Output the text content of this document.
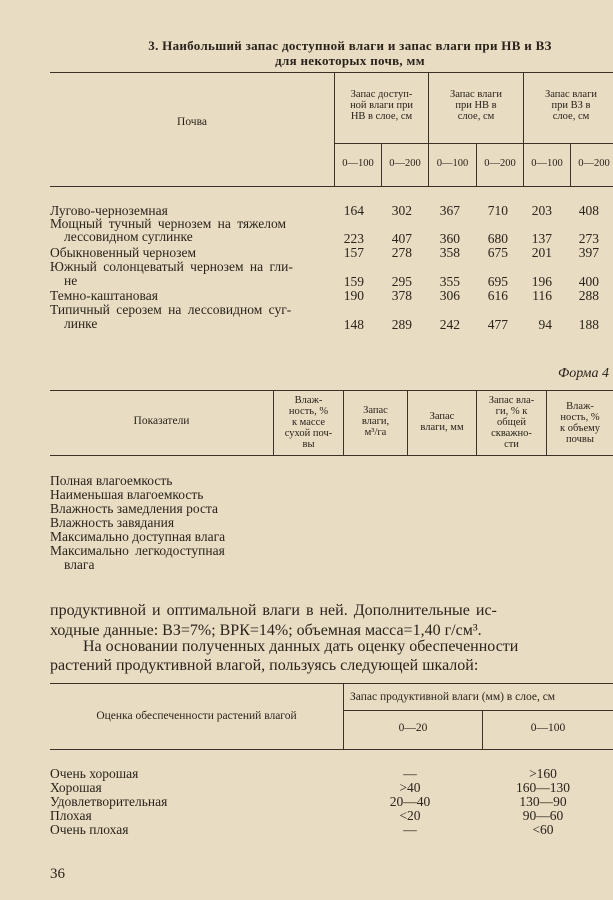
3. Наибольший запас доступной влаги и запас влаги при НВ и ВЗ
для некоторых почв, мм
Почва
Запас доступ-
ной влаги при
НВ в слое, см
Запас влаги
при НВ в
слое, см
Запас влаги
при ВЗ в
слое, см
0—100	0—200	0—100	0—200	0—100	0—200
Лугово-черноземная	164	302	367	710	203	408
Мощный тучный чернозем на тяжелом
лессовидном суглинке	223	407	360	680	137	273
Обыкновенный чернозем	157	278	358	675	201	397
Южный солонцеватый чернозем на гли-
не	159	295	355	695	196	400
Темно-каштановая	190	378	306	616	116	288
Типичный серозем на лессовидном суг-
линке	148	289	242	477	94	188
Форма 4
Показатели
Влаж-
ность, %
к массе
сухой поч-
вы
Запас
влаги,
м³/га
Запас
влаги, мм
Запас вла-
ги, % к
общей
скважно-
сти
Влаж-
ность, %
к объему
почвы
Полная влагоемкость
Наименьшая влагоемкость
Влажность замедления роста
Влажность завядания
Максимально доступная влага
Максимально легкодоступная
влага
продуктивной и оптимальной влаги в ней. Дополнительные ис-
ходные данные: ВЗ=7%; ВРК=14%; объемная масса=1,40 г/см³.
На основании полученных данных дать оценку обеспеченности
растений продуктивной влагой, пользуясь следующей шкалой:
Оценка обеспеченности растений влагой
Запас продуктивной влаги (мм) в слое, см
0—20	0—100
Очень хорошая	—	>160
Хорошая	>40	160—130
Удовлетворительная	20—40	130—90
Плохая	<20	90—60
Очень плохая	—	<60
36
